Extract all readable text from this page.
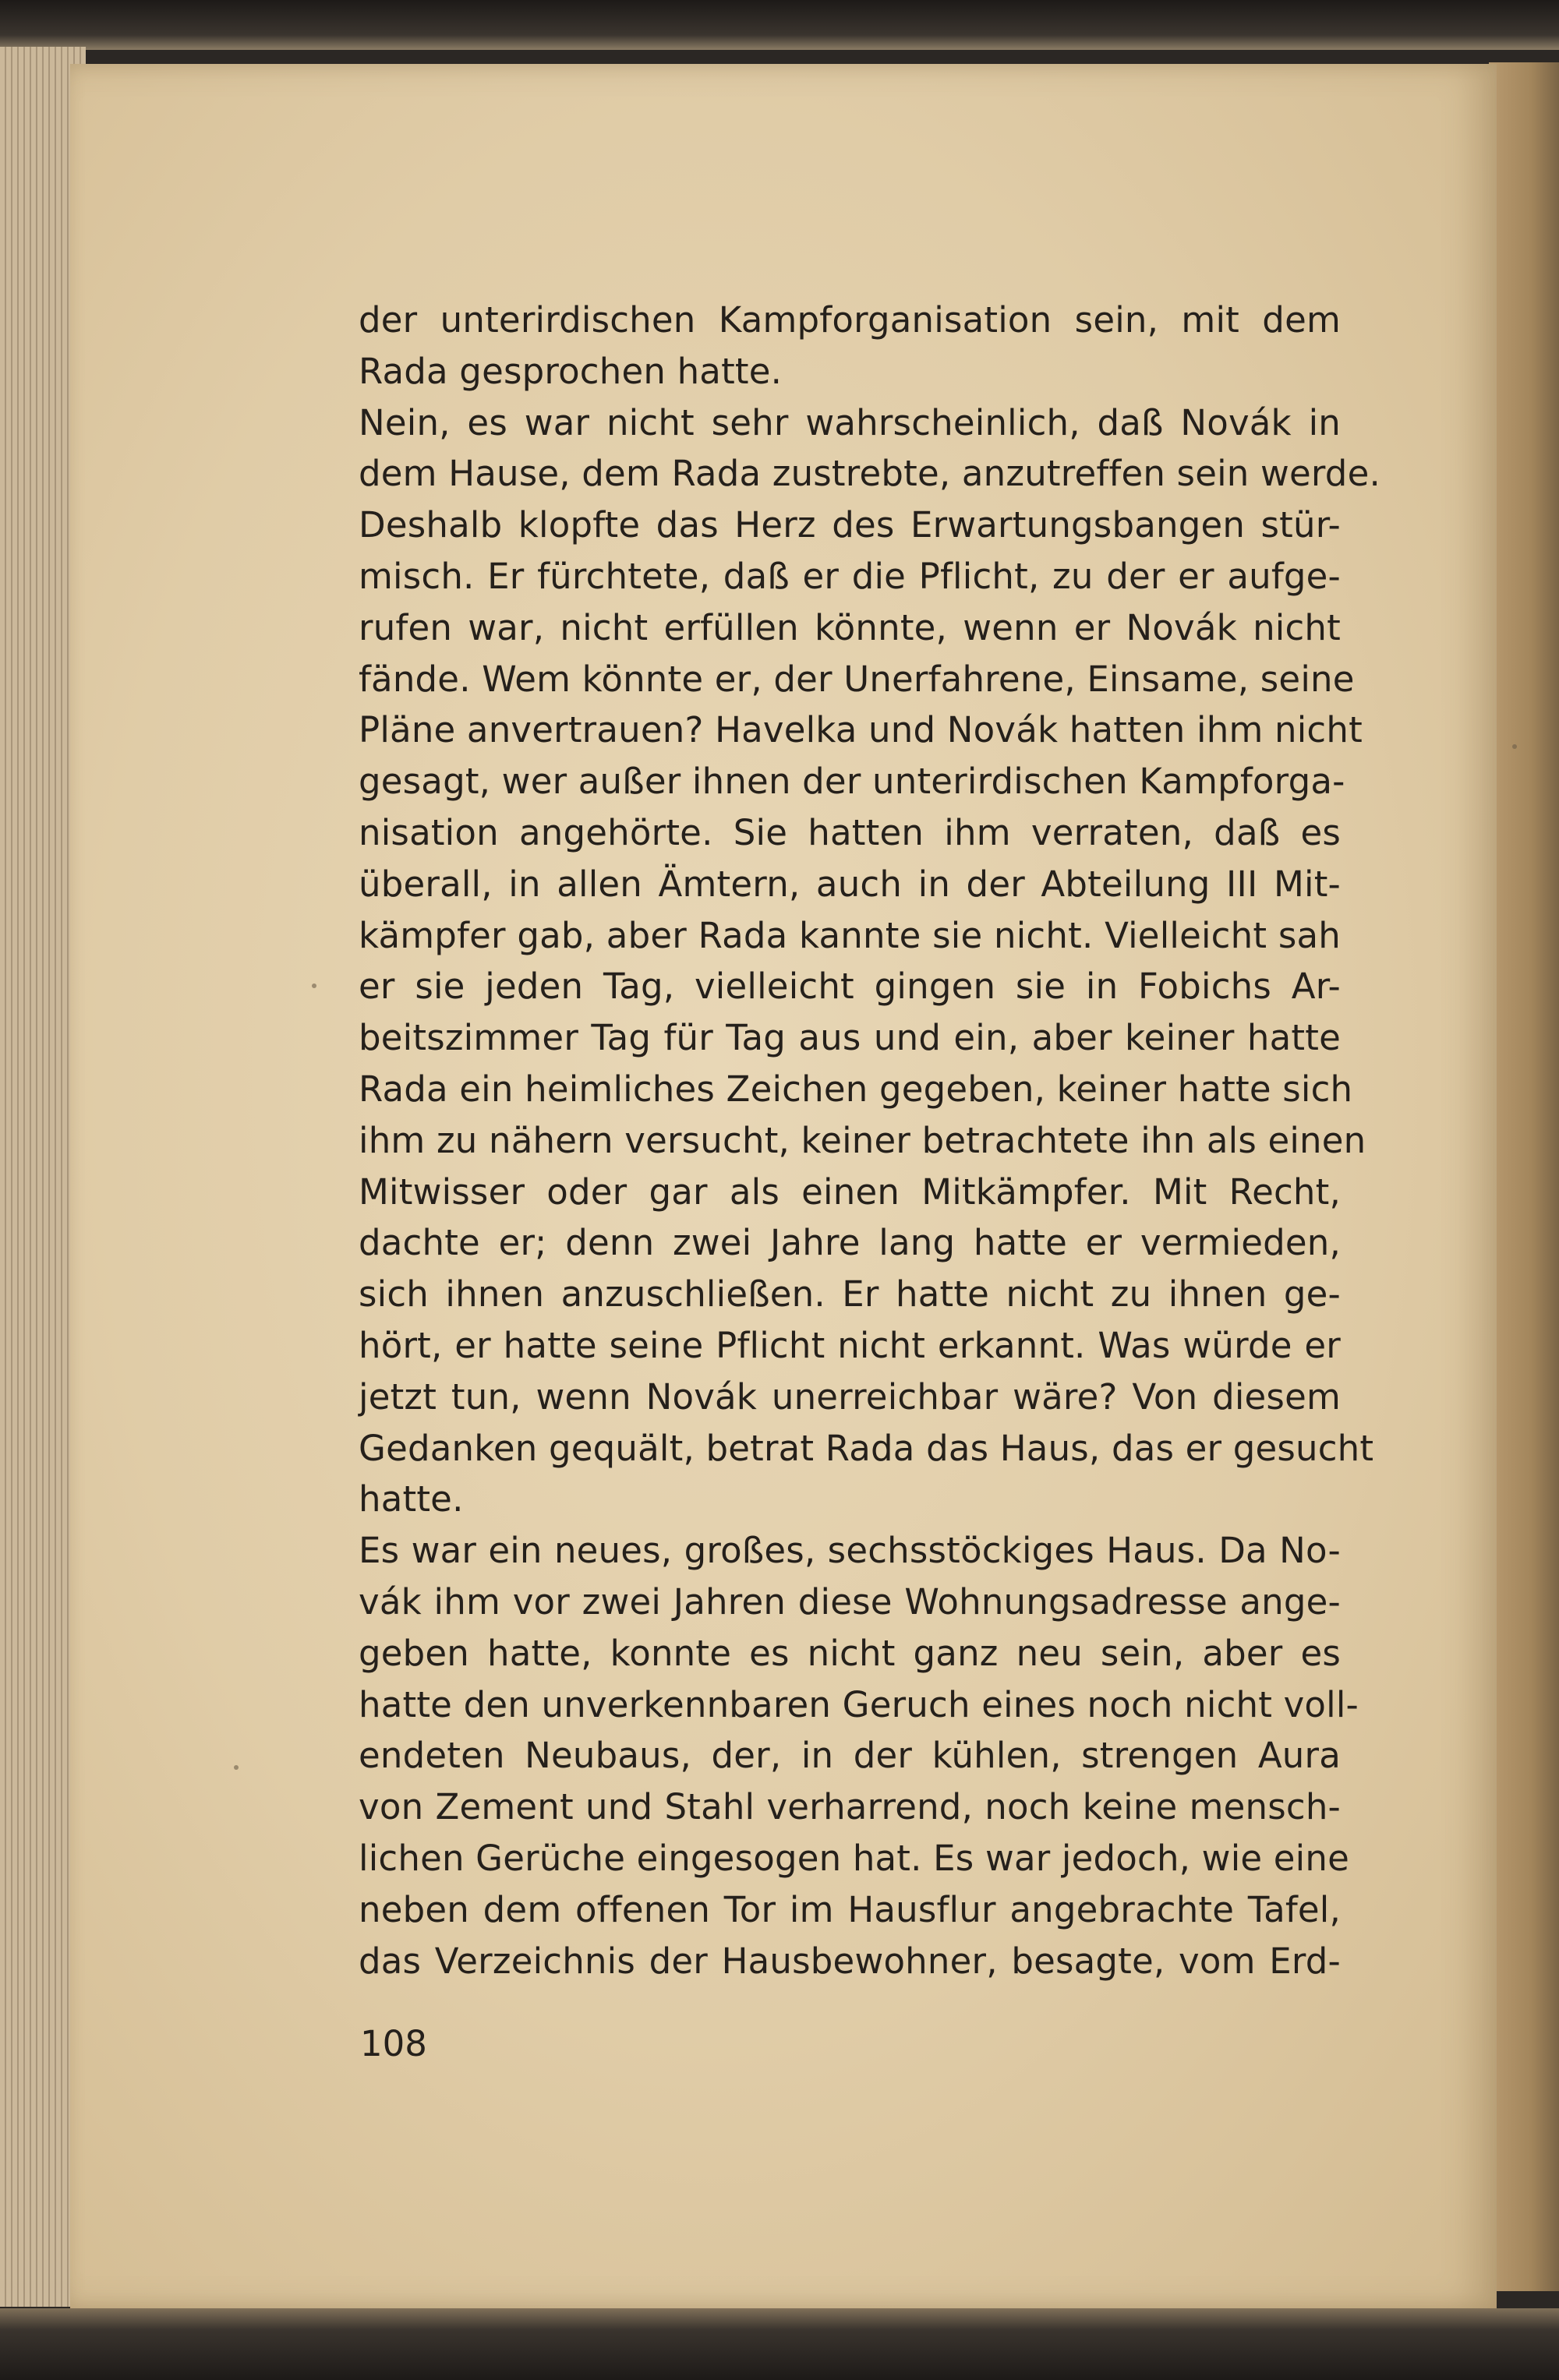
der unterirdischen Kampforganisation sein, mit dem
Rada gesprochen hatte.
Nein, es war nicht sehr wahrscheinlich, daß Novák in
dem Hause, dem Rada zustrebte, anzutreffen sein werde.
Deshalb klopfte das Herz des Erwartungsbangen stür-
misch. Er fürchtete, daß er die Pflicht, zu der er aufge-
rufen war, nicht erfüllen könnte, wenn er Novák nicht
fände. Wem könnte er, der Unerfahrene, Einsame, seine
Pläne anvertrauen? Havelka und Novák hatten ihm nicht
gesagt, wer außer ihnen der unterirdischen Kampforga-
nisation angehörte. Sie hatten ihm verraten, daß es
überall, in allen Ämtern, auch in der Abteilung III Mit-
kämpfer gab, aber Rada kannte sie nicht. Vielleicht sah
er sie jeden Tag, vielleicht gingen sie in Fobichs Ar-
beitszimmer Tag für Tag aus und ein, aber keiner hatte
Rada ein heimliches Zeichen gegeben, keiner hatte sich
ihm zu nähern versucht, keiner betrachtete ihn als einen
Mitwisser oder gar als einen Mitkämpfer. Mit Recht,
dachte er; denn zwei Jahre lang hatte er vermieden,
sich ihnen anzuschließen. Er hatte nicht zu ihnen ge-
hört, er hatte seine Pflicht nicht erkannt. Was würde er
jetzt tun, wenn Novák unerreichbar wäre? Von diesem
Gedanken gequält, betrat Rada das Haus, das er gesucht
hatte.
Es war ein neues, großes, sechsstöckiges Haus. Da No-
vák ihm vor zwei Jahren diese Wohnungsadresse ange-
geben hatte, konnte es nicht ganz neu sein, aber es
hatte den unverkennbaren Geruch eines noch nicht voll-
endeten Neubaus, der, in der kühlen, strengen Aura
von Zement und Stahl verharrend, noch keine mensch-
lichen Gerüche eingesogen hat. Es war jedoch, wie eine
neben dem offenen Tor im Hausflur angebrachte Tafel,
das Verzeichnis der Hausbewohner, besagte, vom Erd-
108
